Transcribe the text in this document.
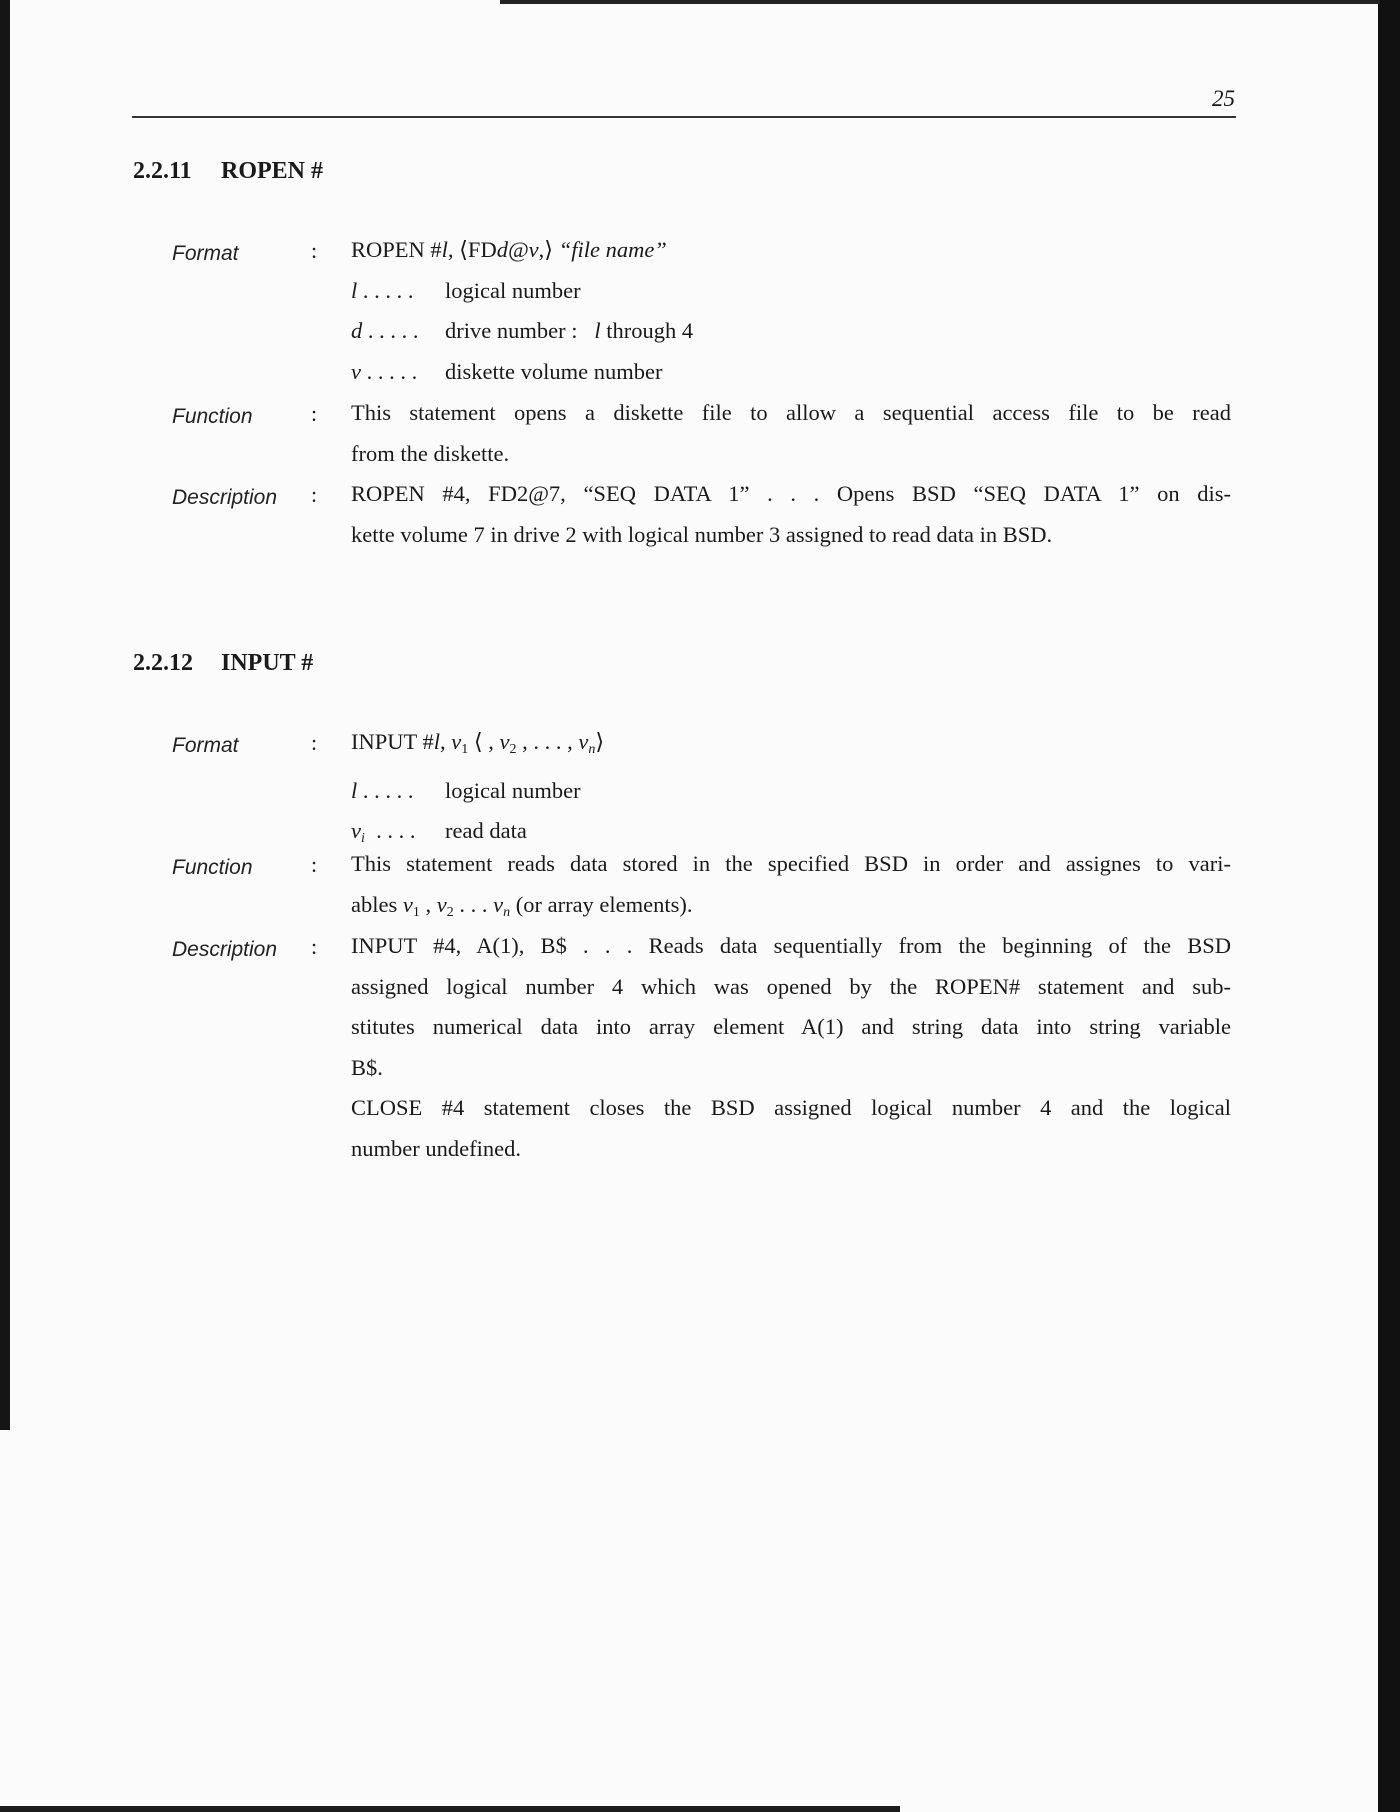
25
2.2.11 ROPEN #
Format	: ROPEN #l, ⟨FDd@v,⟩ “file name”
l . . . . . logical number
d . . . . . drive number : l through 4
v . . . . . diskette volume number
Function	: This statement opens a diskette file to allow a sequential access file to be read
from the diskette.
Description : ROPEN #4, FD2@7, “SEQ DATA 1” . . . Opens BSD “SEQ DATA 1” on dis-
kette volume 7 in drive 2 with logical number 3 assigned to read data in BSD.
2.2.12 INPUT #
Format	: INPUT #l, $v_1$ ⟨ , $v_2$ , . . . , $v_n⟩$
l . . . . . logical number
$v_i$ . . . . read data
Function	: This statement reads data stored in the specified BSD in order and assignes to vari-
ables $v_1$ , $v_2$ . . . $v_n$ (or array elements).
Description : INPUT #4, A(1), B$ . . . Reads data sequentially from the beginning of the BSD
assigned logical number 4 which was opened by the ROPEN# statement and sub-
stitutes numerical data into array element A(1) and string data into string variable
B$.
CLOSE #4 statement closes the BSD assigned logical number 4 and the logical
number undefined.
